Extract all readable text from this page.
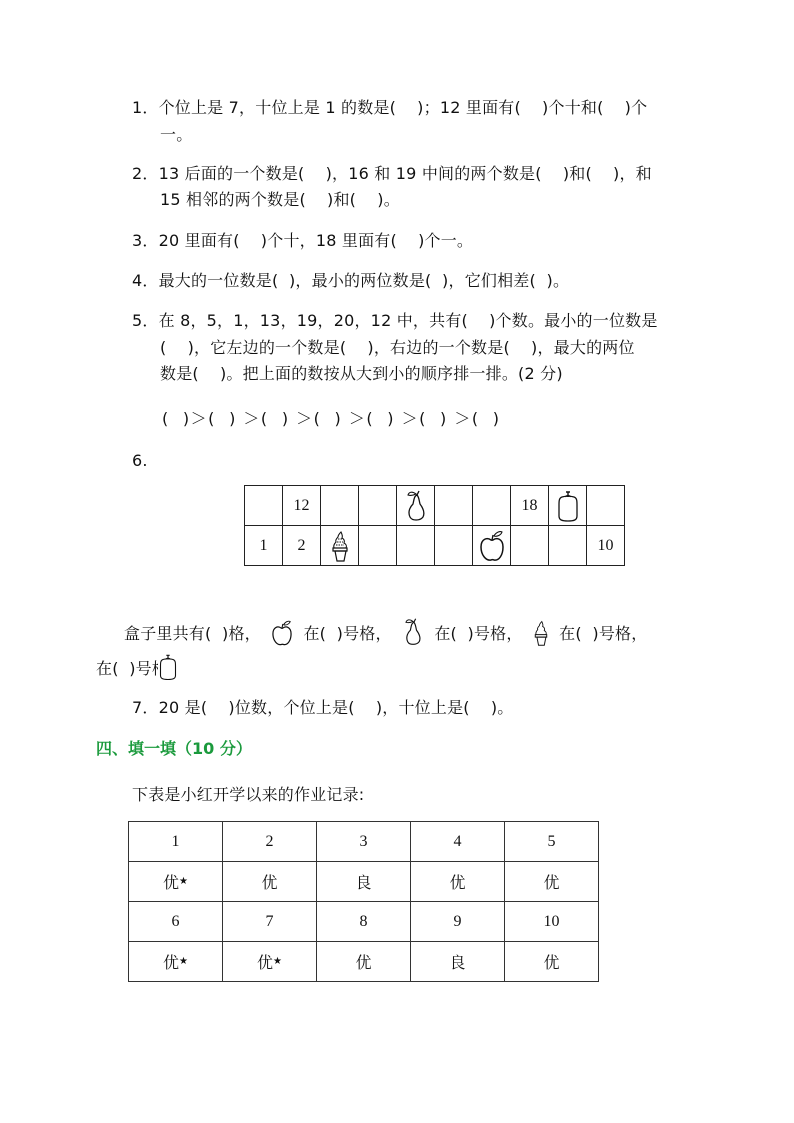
1．个位上是 7，十位上是 1 的数是(    )；12 里面有(    )个十和(    )个
一。
2．13 后面的一个数是(    )，16 和 19 中间的两个数是(    )和(    )，和
15 相邻的两个数是(    )和(    )。
3．20 里面有(    )个十，18 里面有(    )个一。
4．最大的一位数是(  )，最小的两位数是(  )，它们相差(  )。
5．在 8，5，1，13，19，20，12 中，共有(    )个数。最小的一位数是
(    )，它左边的一个数是(    )，右边的一个数是(    )，最大的两位
数是(    )。把上面的数按从大到小的顺序排一排。(2 分)
(  )＞(  ) ＞(  ) ＞(  ) ＞(  ) ＞(  ) ＞(  )
6.
	12						18		
1	2								10
盒子里共有(  )格，	在(  )号格，	在(  )号格， 在(  )号格，
在(  )号格
7．20 是(    )位数，个位上是(    )，十位上是(    )。
四、填一填（10 分）
下表是小红开学以来的作业记录:
1	2	3	4	5
优★	优	良	优	优
6	7	8	9	10
优★	优★	优	良	优
